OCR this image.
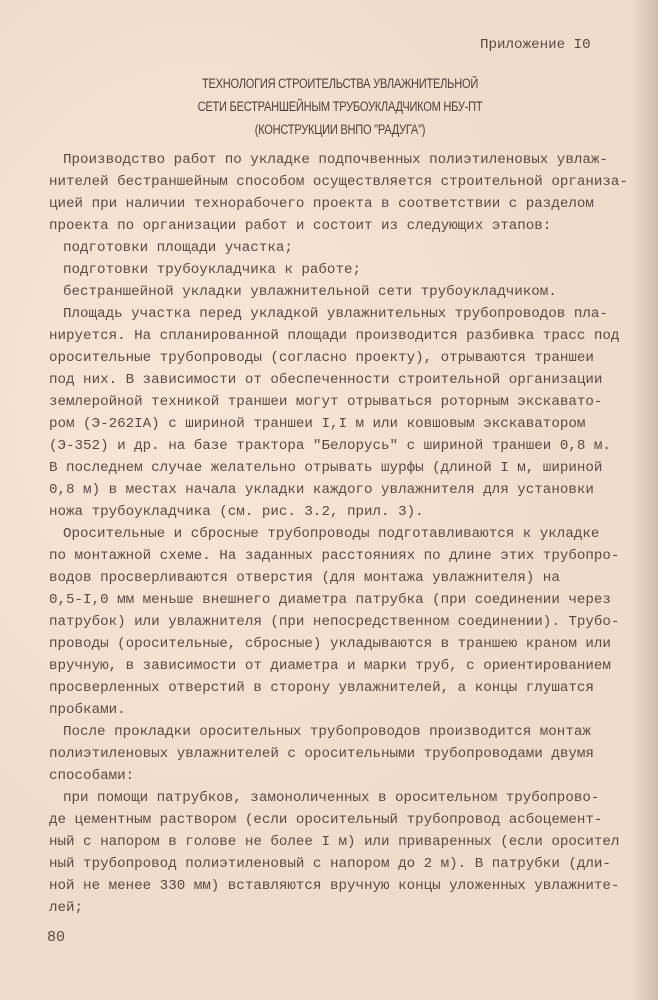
Приложение I0
ТЕХНОЛОГИЯ СТРОИТЕЛЬСТВА УВЛАЖНИТЕЛЬНОЙ
СЕТИ БЕСТРАНШЕЙНЫМ ТРУБОУКЛАДЧИКОМ НБУ-ПТ
(КОНСТРУКЦИИ ВНПО "РАДУГА")
Производство работ по укладке подпочвенных полиэтиленовых увлаж-
нителей бестраншейным способом осуществляется строительной организа-
цией при наличии технорабочего проекта в соответствии с разделом
проекта по организации работ и состоит из следующих этапов:
подготовки площади участка;
подготовки трубоукладчика к работе;
бестраншейной укладки увлажнительной сети трубоукладчиком.
Площадь участка перед укладкой увлажнительных трубопроводов пла-
нируется. На спланированной площади производится разбивка трасс под
оросительные трубопроводы (согласно проекту), отрываются траншеи
под них. В зависимости от обеспеченности строительной организации
землеройной техникой траншеи могут отрываться роторным экскавато-
ром (Э-262IA) с шириной траншеи I,I м или ковшовым экскаватором
(Э-352) и др. на базе трактора "Белорусь" с шириной траншеи 0,8 м.
В последнем случае желательно отрывать шурфы (длиной I м, шириной
0,8 м) в местах начала укладки каждого увлажнителя для установки
ножа трубоукладчика (см. рис. 3.2, прил. 3).
Оросительные и сбросные трубопроводы подготавливаются к укладке
по монтажной схеме. На заданных расстояниях по длине этих трубопро-
водов просверливаются отверстия (для монтажа увлажнителя) на
0,5-I,0 мм меньше внешнего диаметра патрубка (при соединении через
патрубок) или увлажнителя (при непосредственном соединении). Трубо-
проводы (оросительные, сбросные) укладываются в траншею краном или
вручную, в зависимости от диаметра и марки труб, с ориентированием
просверленных отверстий в сторону увлажнителей, а концы глушатся
пробками.
После прокладки оросительных трубопроводов производится монтаж
полиэтиленовых увлажнителей с оросительными трубопроводами двумя
способами:
при помощи патрубков, замоноличенных в оросительном трубопрово-
де цементным раствором (если оросительный трубопровод асбоцемент-
ный с напором в голове не более I м) или приваренных (если оросител
ный трубопровод полиэтиленовый с напором до 2 м). В патрубки (дли-
ной не менее 330 мм) вставляются вручную концы уложенных увлажните-
лей;
80
